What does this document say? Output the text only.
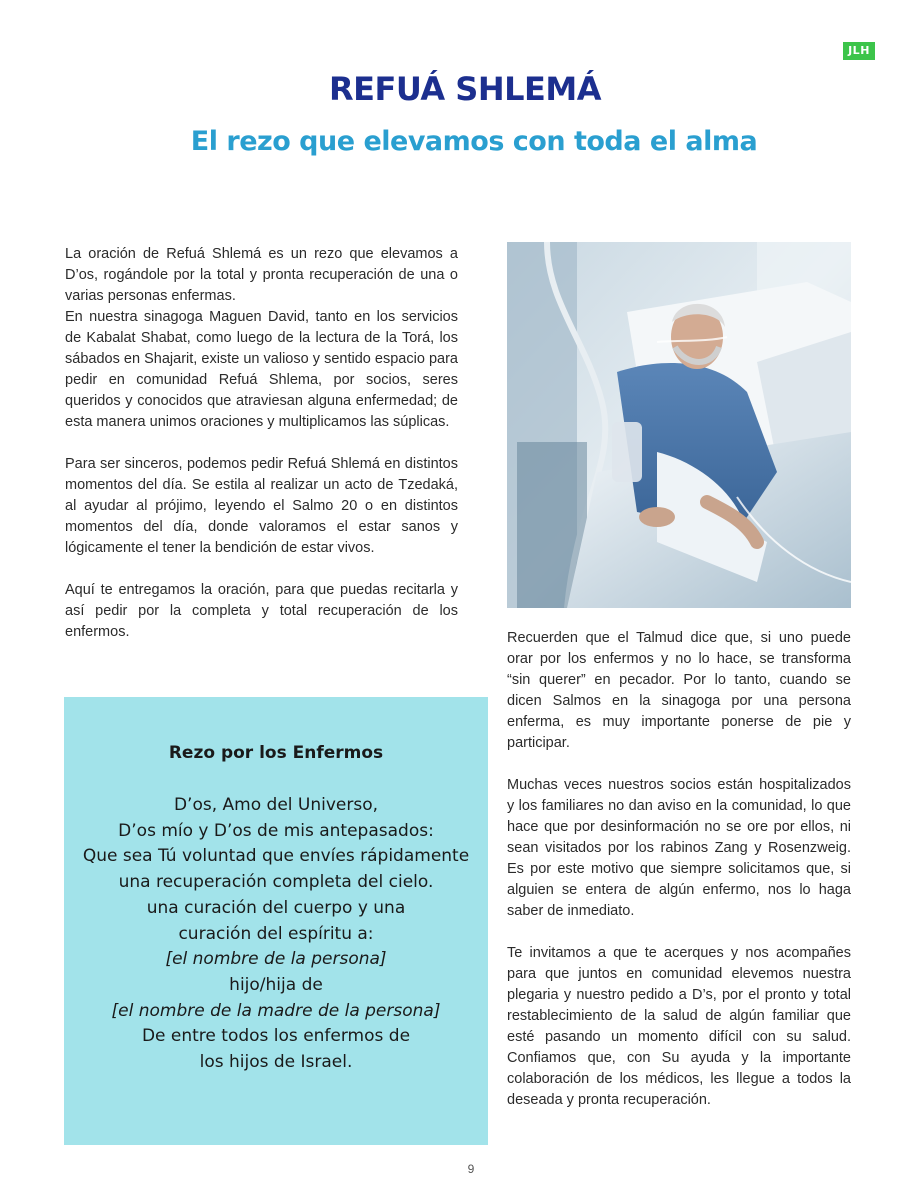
JLH
REFUÁ SHLEMÁ
El rezo que elevamos con toda el alma

La oración de Refuá Shlemá es un rezo que elevamos a D’os, rogándole por la total y pronta recuperación de una o varias personas enfermas.
En nuestra sinagoga Maguen David, tanto en los servicios de Kabalat Shabat, como luego de la lectura de la Torá, los sábados en Shajarit, existe un valioso y sentido espacio para pedir en comunidad Refuá Shlema, por socios, seres queridos y conocidos que atraviesan alguna enfermedad; de esta manera unimos oraciones y multiplicamos las súplicas.

Para ser sinceros, podemos pedir Refuá Shlemá en distintos momentos del día. Se estila al realizar un acto de Tzedaká, al ayudar al prójimo, leyendo el Salmo 20 o en distintos momentos del día, donde valoramos el estar sanos y lógicamente el tener la bendición de estar vivos.

Aquí te entregamos la oración, para que puedas recitarla y así pedir por la completa y total recuperación de los enfermos.	Recuerden que el Talmud dice que, si uno puede orar por los enfermos y no lo hace, se transforma “sin querer” en pecador. Por lo tanto, cuando se dicen Salmos en la sinagoga por una persona enferma, es muy importante ponerse de pie y participar.

Muchas veces nuestros socios están hospitalizados y los familiares no dan aviso en la comunidad, lo que hace que por desinformación no se ore por ellos, ni sean visitados por los rabinos Zang y Rosenzweig. Es por este motivo que siempre solicitamos que, si alguien se entera de algún enfermo, nos lo haga saber de inmediato.

Te invitamos a que te acerques y nos acompañes para que juntos en comunidad elevemos nuestra plegaria y nuestro pedido a D’s, por el pronto y total restablecimiento de la salud de algún familiar que esté pasando un momento difícil con su salud. Confiamos que, con Su ayuda y la importante colaboración de los médicos, les llegue a todos la deseada y pronta recuperación.

Rezo por los Enfermos
D’os, Amo del Universo,
D’os mío y D’os de mis antepasados:
Que sea Tú voluntad que envíes rápidamente
una recuperación completa del cielo.
una curación del cuerpo y una
curación del espíritu a:
[el nombre de la persona]
hijo/hija de
[el nombre de la madre de la persona]
De entre todos los enfermos de
los hijos de Israel.
9
